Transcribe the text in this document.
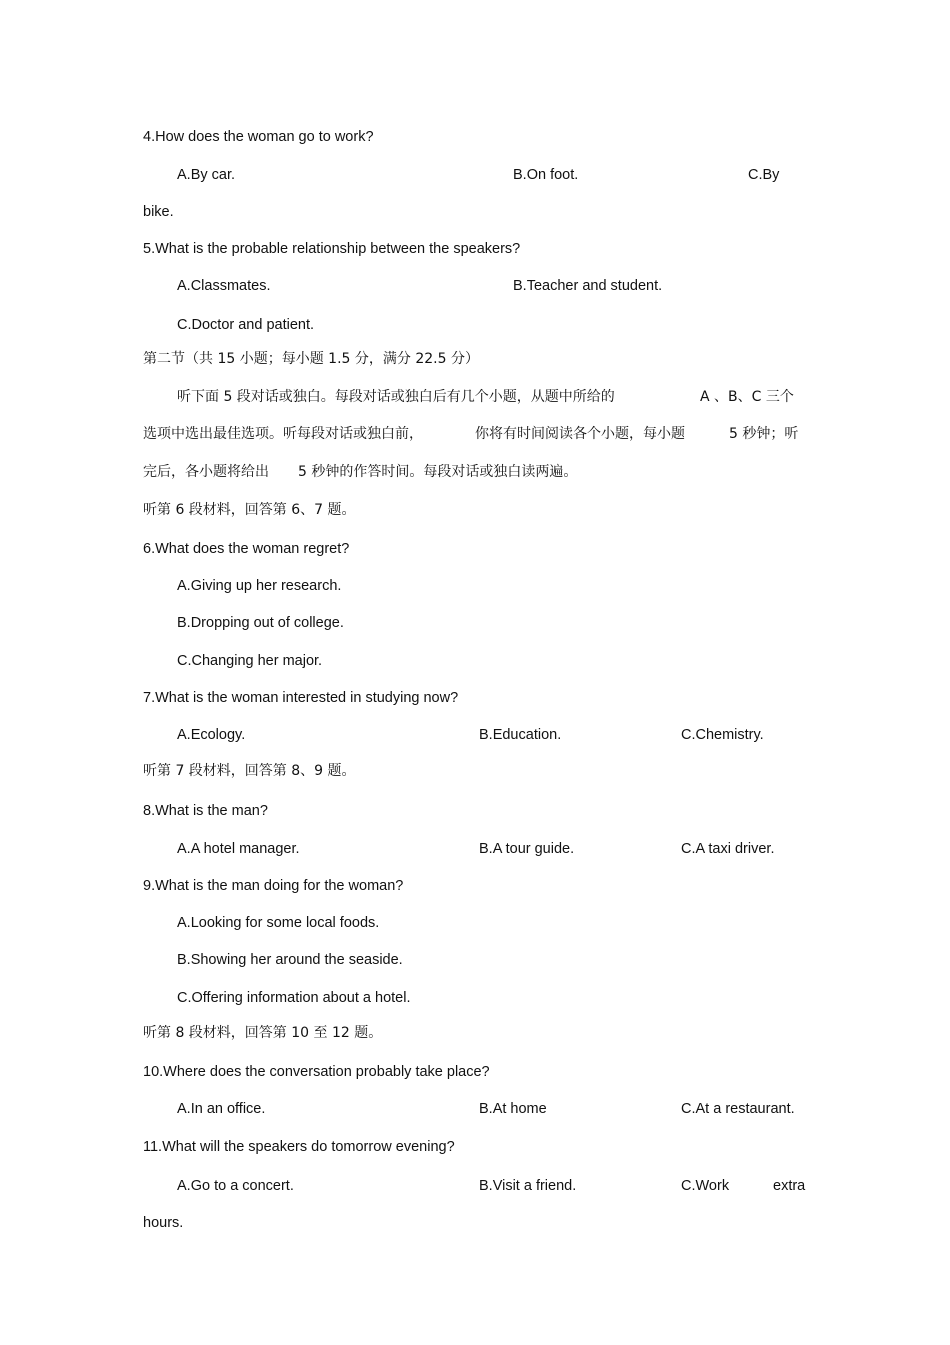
4.How does the woman go to work?
A.By car.	B.On foot.	C.By
bike.
5.What is the probable relationship between the speakers?
A.Classmates.	B.Teacher and student.
C.Doctor and patient.
第二节（共 15 小题；每小题 1.5 分，满分 22.5 分）
听下面 5 段对话或独白。每段对话或独白后有几个小题，从题中所给的	A 、B、C 三个
选项中选出最佳选项。听每段对话或独白前，	你将有时间阅读各个小题，每小题	5 秒钟；听
完后，各小题将给出 5 秒钟的作答时间。每段对话或独白读两遍。
听第 6 段材料，回答第 6、7 题。
6.What does the woman regret?
A.Giving up her research.
B.Dropping out of college.
C.Changing her major.
7.What is the woman interested in studying now?
A.Ecology.	B.Education.	C.Chemistry.
听第 7 段材料，回答第 8、9 题。
8.What is the man?
A.A hotel manager.	B.A tour guide.	C.A taxi driver.
9.What is the man doing for the woman?
A.Looking for some local foods.
B.Showing her around the seaside.
C.Offering information about a hotel.
听第 8 段材料，回答第 10 至 12 题。
10.Where does the conversation probably take place?
A.In an office.	B.At home	C.At a restaurant.
11.What will the speakers do tomorrow evening?
A.Go to a concert.	B.Visit a friend.	C.Work	extra
hours.
